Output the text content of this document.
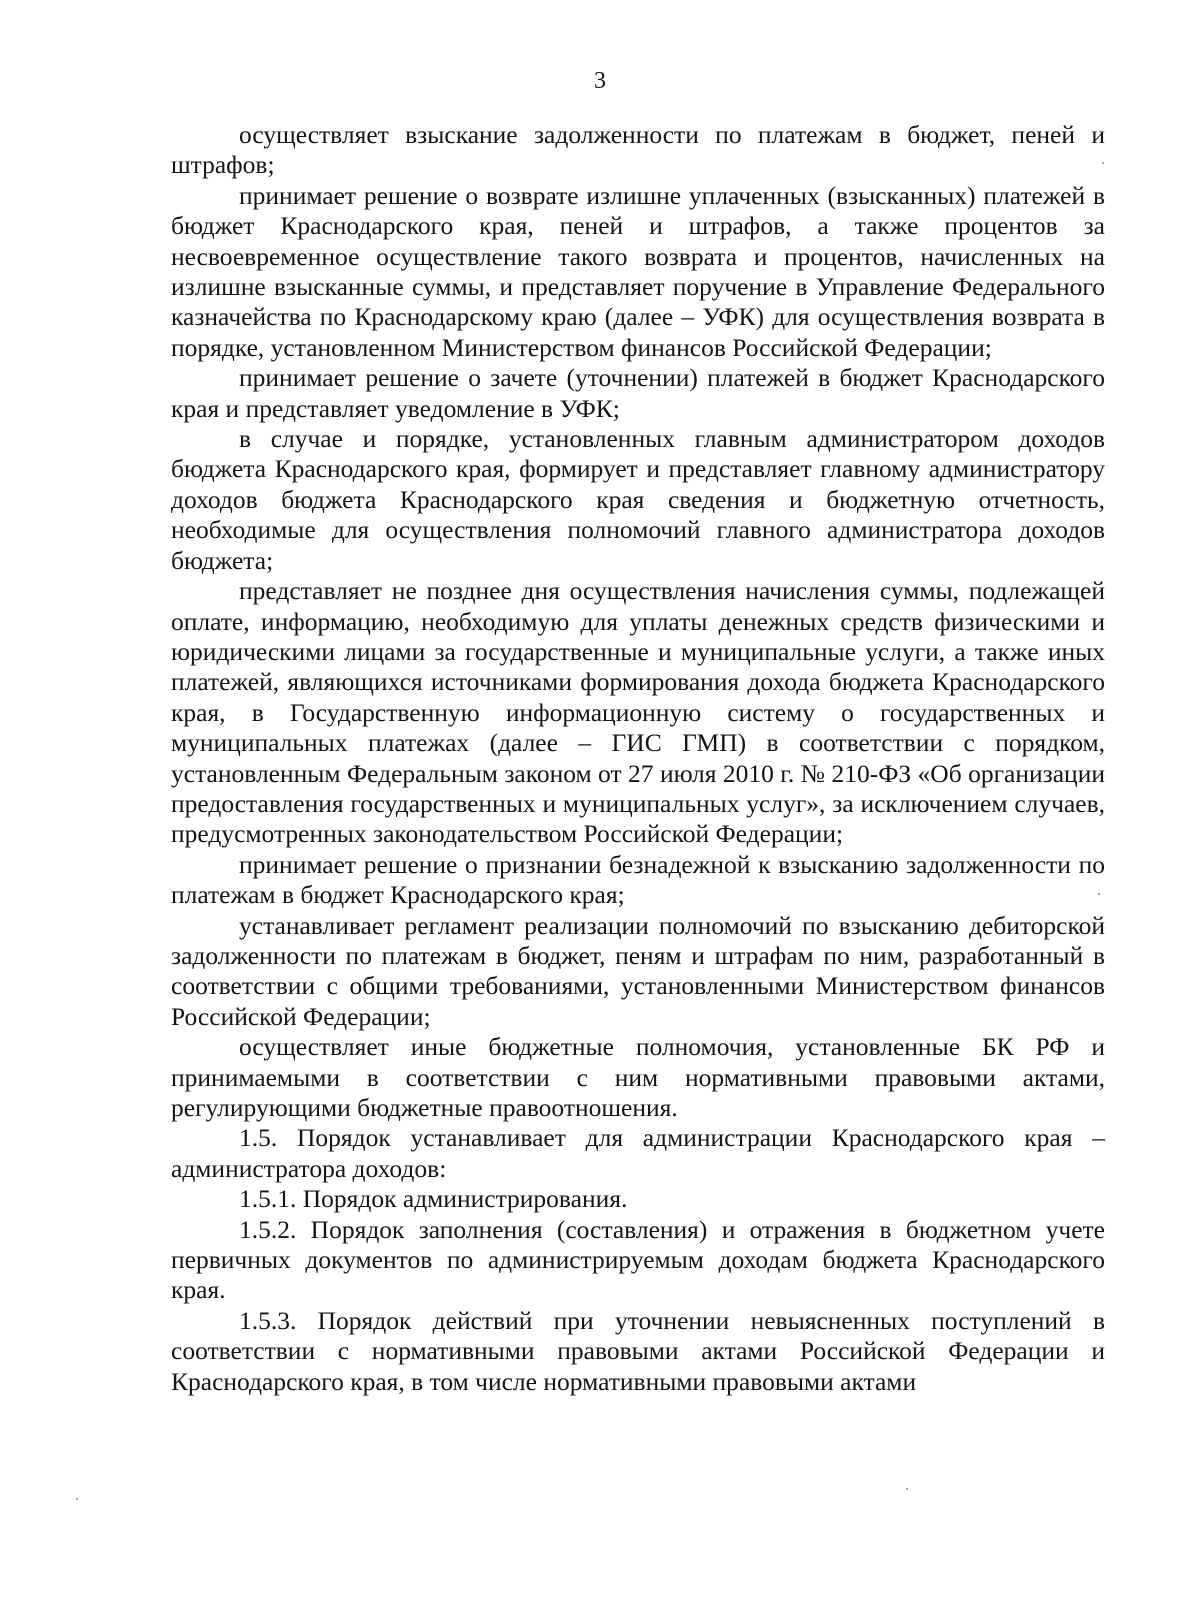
3

осуществляет взыскание задолженности по платежам в бюджет, пеней и штрафов;

принимает решение о возврате излишне уплаченных (взысканных) платежей в бюджет Краснодарского края, пеней и штрафов, а также процентов за несвоевременное осуществление такого возврата и процентов, начисленных на излишне взысканные суммы, и представляет поручение в Управление Федерального казначейства по Краснодарскому краю (далее – УФК) для осуществления возврата в порядке, установленном Министерством финансов Российской Федерации;

принимает решение о зачете (уточнении) платежей в бюджет Краснодарского края и представляет уведомление в УФК;

в случае и порядке, установленных главным администратором доходов бюджета Краснодарского края, формирует и представляет главному администратору доходов бюджета Краснодарского края сведения и бюджетную отчетность, необходимые для осуществления полномочий главного администратора доходов бюджета;

представляет не позднее дня осуществления начисления суммы, подлежащей оплате, информацию, необходимую для уплаты денежных средств физическими и юридическими лицами за государственные и муниципальные услуги, а также иных платежей, являющихся источниками формирования дохода бюджета Краснодарского края, в Государственную информационную систему о государственных и муниципальных платежах (далее – ГИС ГМП) в соответствии с порядком, установленным Федеральным законом от 27 июля 2010 г. № 210-ФЗ «Об организации предоставления государственных и муниципальных услуг», за исключением случаев, предусмотренных законодательством Российской Федерации;

принимает решение о признании безнадежной к взысканию задолженности по платежам в бюджет Краснодарского края;

устанавливает регламент реализации полномочий по взысканию дебиторской задолженности по платежам в бюджет, пеням и штрафам по ним, разработанный в соответствии с общими требованиями, установленными Министерством финансов Российской Федерации;

осуществляет иные бюджетные полномочия, установленные БК РФ и принимаемыми в соответствии с ним нормативными правовыми актами, регулирующими бюджетные правоотношения.

1.5. Порядок устанавливает для администрации Краснодарского края – администратора доходов:

1.5.1. Порядок администрирования.

1.5.2. Порядок заполнения (составления) и отражения в бюджетном учете первичных документов по администрируемым доходам бюджета Краснодарского края.

1.5.3. Порядок действий при уточнении невыясненных поступлений в соответствии с нормативными правовыми актами Российской Федерации и Краснодарского края, в том числе нормативными правовыми актами
